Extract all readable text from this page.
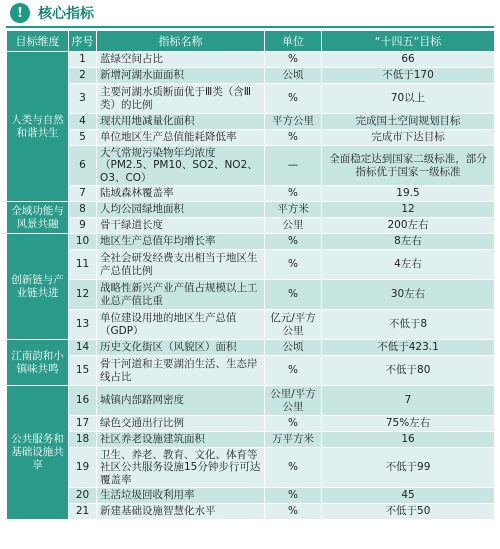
!	核心指标
目标维度	序号	指标名称	单位	“十四五”目标
人类与自然和谐共生	1	蓝绿空间占比	%	66
	2	新增河湖水面面积	公顷	不低于170
	3	主要河湖水质断面优于Ⅲ类（含Ⅲ类）的比例	%	70以上
	4	现状用地减量化面积	平方公里	完成国土空间规划目标
	5	单位地区生产总值能耗降低率	%	完成市下达目标
	6	大气常规污染物年均浓度（PM2.5、PM10、SO2、NO2、O3、CO）	—	全面稳定达到国家二级标准，部分指标优于国家一级标准
	7	陆域森林覆盖率	%	19.5
全域功能与风景共融	8	人均公园绿地面积	平方米	12
	9	骨干绿道长度	公里	200左右
创新链与产业链共进	10	地区生产总值年均增长率	%	8左右
	11	全社会研发经费支出相当于地区生产总值比例	%	4左右
	12	战略性新兴产业产值占规模以上工业总产值比重	%	30左右
	13	单位建设用地的地区生产总值（GDP）	亿元/平方公里	不低于8
江南韵和小镇味共鸣	14	历史文化街区（风貌区）面积	公顷	不低于423.1
	15	骨干河道和主要湖泊生活、生态岸线占比	%	不低于80
公共服务和基础设施共享	16	城镇内部路网密度	公里/平方公里	7
	17	绿色交通出行比例	%	75%左右
	18	社区养老设施建筑面积	万平方米	16
	19	卫生、养老、教育、文化、体育等社区公共服务设施15分钟步行可达覆盖率	%	不低于99
	20	生活垃圾回收利用率	%	45
	21	新建基础设施智慧化水平	%	不低于50
